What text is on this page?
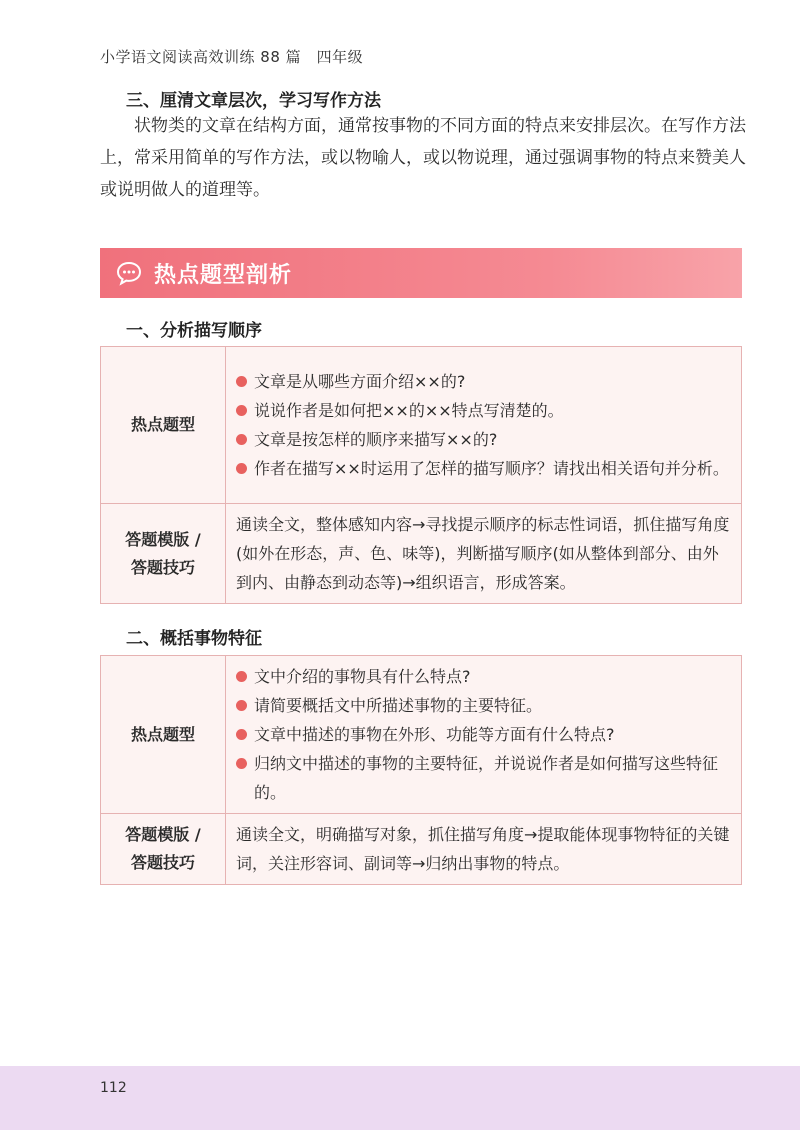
小学语文阅读高效训练 88 篇　四年级
三、厘清文章层次，学习写作方法

状物类的文章在结构方面，通常按事物的不同方面的特点来安排层次。在写作方法上，常采用简单的写作方法，或以物喻人，或以物说理，通过强调事物的特点来赞美人或说明做人的道理等。

热点题型剖析
一、分析描写顺序
热点题型	文章是从哪些方面介绍××的?
说说作者是如何把××的××特点写清楚的。
文章是按怎样的顺序来描写××的?
作者在描写××时运用了怎样的描写顺序？请找出相关语句并分析。

答题模版 /
答题技巧	通读全文，整体感知内容→寻找提示顺序的标志性词语，抓住描写角度(如外在形态，声、色、味等)，判断描写顺序(如从整体到部分、由外到内、由静态到动态等)→组织语言，形成答案。
二、概括事物特征
热点题型	文中介绍的事物具有什么特点?
请简要概括文中所描述事物的主要特征。
文章中描述的事物在外形、功能等方面有什么特点?
归纳文中描述的事物的主要特征，并说说作者是如何描写这些特征的。

答题模版 /
答题技巧	通读全文，明确描写对象，抓住描写角度→提取能体现事物特征的关键词，关注形容词、副词等→归纳出事物的特点。
112
